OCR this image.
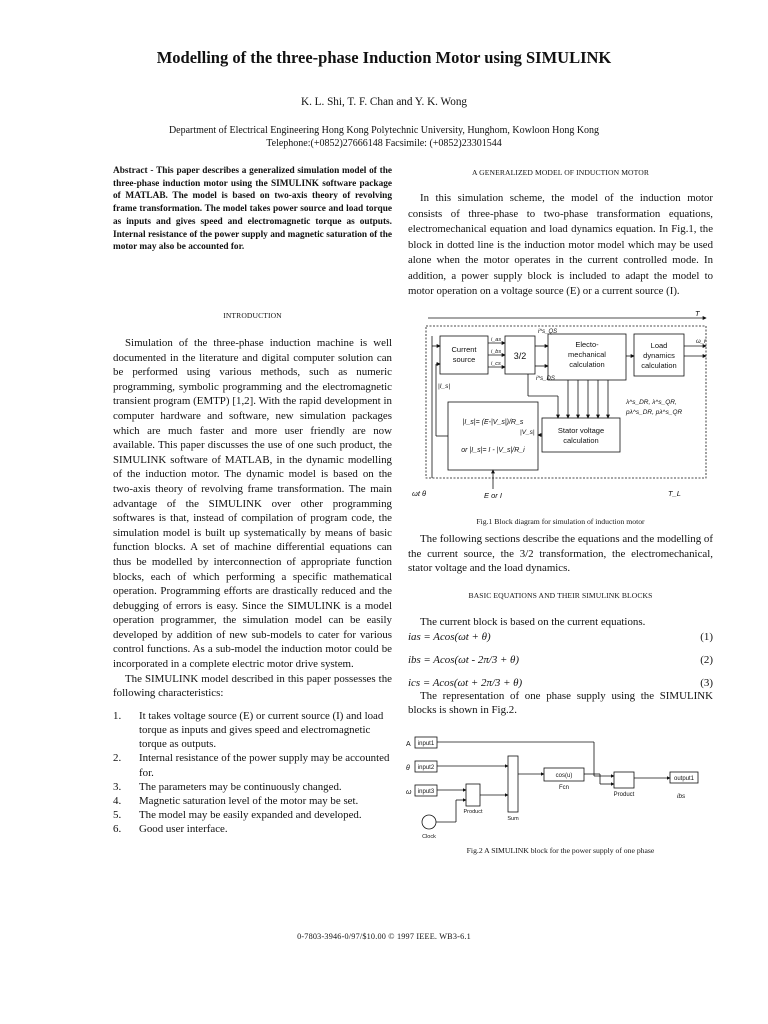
Modelling of the three-phase Induction Motor using SIMULINK
K. L. Shi, T. F. Chan and Y. K. Wong
Department of Electrical Engineering Hong Kong Polytechnic University, Hunghom, Kowloon Hong Kong
Telephone:(+0852)27666148 Facsimile: (+0852)23301544
Abstract - This paper describes a generalized simulation model of the three-phase induction motor using the SIMULINK software package of MATLAB. The model is based on two-axis theory of revolving frame transformation. The model takes power source and load torque as inputs and gives speed and electromagnetic torque as outputs. Internal resistance of the power supply and magnetic saturation of the motor may also be accounted for.
INTRODUCTION

Simulation of the three-phase induction machine is well documented in the literature and digital computer solution can be performed using various methods, such as numeric programming, symbolic programming and the electromagnetic transient program (EMTP) [1,2]. With the rapid development in computer hardware and software, new simulation packages which are much faster and more user friendly are now available. This paper discusses the use of one such product, the SIMULINK software of MATLAB, in the dynamic modelling of the induction motor. The dynamic model is based on the two-axis theory of revolving frame transformation. The main advantage of the SIMULINK over other programming softwares is that, instead of compilation of program code, the simulation model is built up systematically by means of basic function blocks. A set of machine differential equations can thus be modelled by interconnection of appropriate function blocks, each of which performing a specific mathematical operation. Programming efforts are drastically reduced and the debugging of errors is easy. Since the SIMULINK is a model operation programmer, the simulation model can be easily developed by addition of new sub-models to cater for various control functions. As a sub-model the induction motor could be incorporated in a complete electric motor drive system.

The SIMULINK model described in this paper possesses the following characteristics:

1.	It takes voltage source (E) or current source (I) and load torque as inputs and gives speed and electromagnetic torque as outputs.
2.	Internal resistance of the power supply may be accounted for.
3.	The parameters may be continuously changed.
4.	Magnetic saturation level of the motor may be set.
5.	The model may be easily expanded and developed.
6.	Good user interface.
A GENERALIZED MODEL OF INDUCTION MOTOR

In this simulation scheme, the model of the induction motor consists of three-phase to two-phase transformation equations, electromechanical equation and load dynamics equation. In Fig.1, the block in dotted line is the induction motor model which may be used alone when the motor operates in the current controlled mode. In addition, a power supply block is included to adapt the model to motor operation on a voltage source (E) or a current source (I).

Current
source	3/2
Electo-
mechanical
calculation
Load
dynamics
calculation
Stator voltage
calculation
|I_s|= (E-|V_s|)/R_s
or |I_s|= I - |V_s|/R_i
ωt θ	E or I	T_L
T
ω_r
i_as
i_bs
i_cs
i^s_QS
i^s_DS
|I_s|
|V_s|
λ^s_DR, λ^s_QR,
pλ^s_DR, pλ^s_QR
Fig.1 Block diagram for simulation of induction motor

The following sections describe the equations and the modelling of the current source, the 3/2 transformation, the electromechanical, stator voltage and the load dynamics.

BASIC EQUATIONS AND THEIR SIMULINK BLOCKS

The current block is based on the current equations.

ias = Acos(ωt + θ)	(1)
ibs = Acos(ωt - 2π/3 + θ)	(2)
ics = Acos(ωt + 2π/3 + θ)	(3)

The representation of one phase supply using the SIMULINK blocks is shown in Fig.2.

A input1
θ input2
ω input3
Product
Sum
cos(u)
Fcn
Product
output1
ibs
Clock
Fig.2 A SIMULINK block for the power supply of one phase
0-7803-3946-0/97/$10.00 © 1997 IEEE. WB3-6.1
